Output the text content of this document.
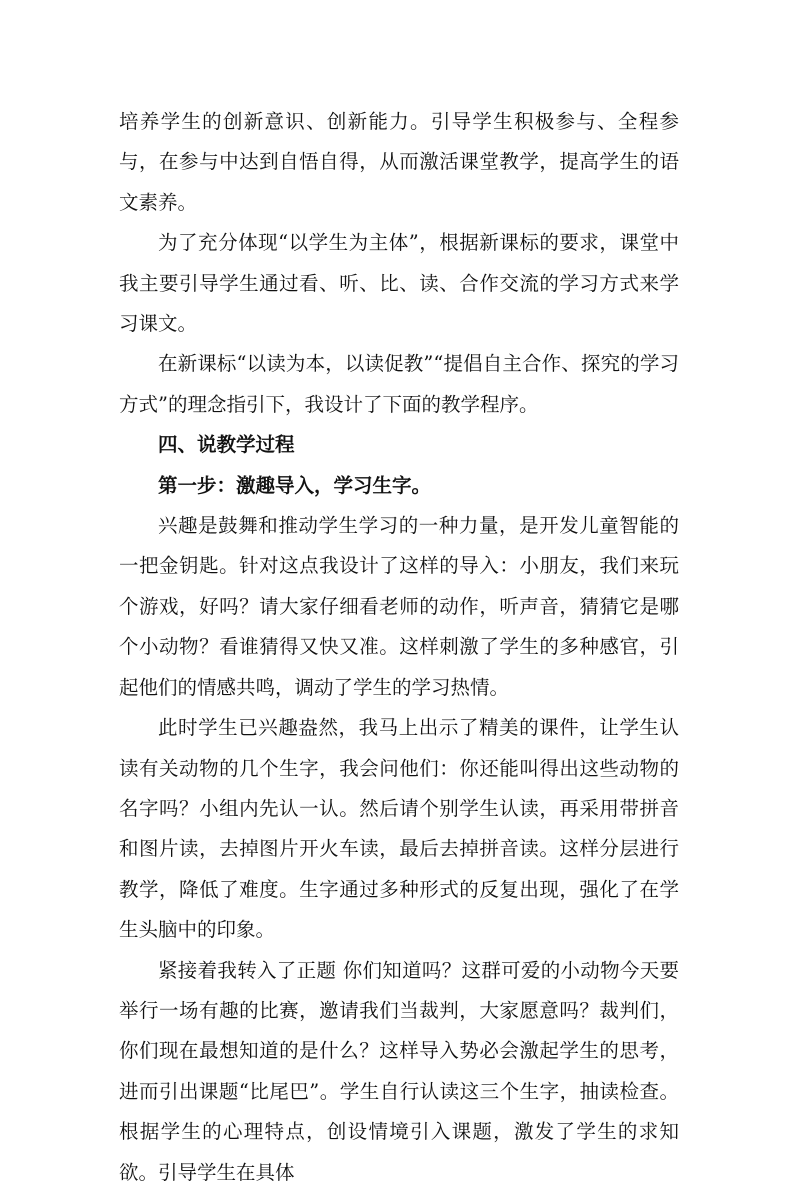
培养学生的创新意识、创新能力。引导学生积极参与、全程参与，在参与中达到自悟自得，从而激活课堂教学，提高学生的语文素养。

为了充分体现“以学生为主体”，根据新课标的要求，课堂中我主要引导学生通过看、听、比、读、合作交流的学习方式来学习课文。

在新课标“以读为本，以读促教”“提倡自主合作、探究的学习方式”的理念指引下，我设计了下面的教学程序。

四、说教学过程

第一步：激趣导入，学习生字。

兴趣是鼓舞和推动学生学习的一种力量，是开发儿童智能的一把金钥匙。针对这点我设计了这样的导入：小朋友，我们来玩个游戏，好吗？请大家仔细看老师的动作，听声音，猜猜它是哪个小动物？看谁猜得又快又准。这样刺激了学生的多种感官，引起他们的情感共鸣，调动了学生的学习热情。

此时学生已兴趣盎然，我马上出示了精美的课件，让学生认读有关动物的几个生字，我会问他们：你还能叫得出这些动物的名字吗？小组内先认一认。然后请个别学生认读，再采用带拼音和图片读，去掉图片开火车读，最后去掉拼音读。这样分层进行教学，降低了难度。生字通过多种形式的反复出现，强化了在学生头脑中的印象。

紧接着我转入了正题 你们知道吗？这群可爱的小动物今天要举行一场有趣的比赛，邀请我们当裁判，大家愿意吗？裁判们，你们现在最想知道的是什么？这样导入势必会激起学生的思考，进而引出课题“比尾巴”。学生自行认读这三个生字，抽读检查。根据学生的心理特点，创设情境引入课题，激发了学生的求知欲。引导学生在具体
